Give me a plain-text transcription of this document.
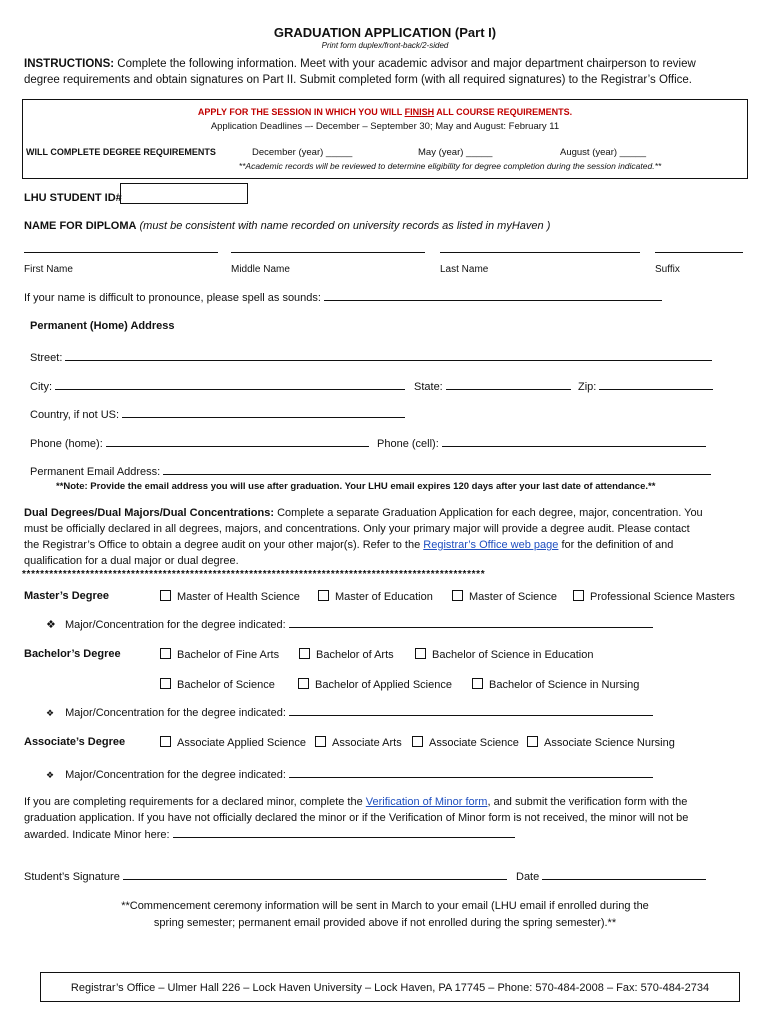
GRADUATION APPLICATION (Part I)
Print form duplex/front-back/2-sided
INSTRUCTIONS: Complete the following information. Meet with your academic advisor and major department chairperson to review
degree requirements and obtain signatures on Part II. Submit completed form (with all required signatures) to the Registrar’s Office.
APPLY FOR THE SESSION IN WHICH YOU WILL FINISH ALL COURSE REQUIREMENTS.
Application Deadlines –- December – September 30; May and August: February 11
WILL COMPLETE DEGREE REQUIREMENTS	December (year) _____	May (year) _____	August (year) _____
**Academic records will be reviewed to determine eligibility for degree completion during the session indicated.**
LHU STUDENT ID#
NAME FOR DIPLOMA (must be consistent with name recorded on university records as listed in myHaven )
First Name	Middle Name	Last Name	Suffix
If your name is difficult to pronounce, please spell as sounds:
Permanent (Home) Address
Street:
City:	State:	Zip:
Country, if not US:
Phone (home):	Phone (cell):
Permanent Email Address:
**Note: Provide the email address you will use after graduation. Your LHU email expires 120 days after your last date of attendance.**
Dual Degrees/Dual Majors/Dual Concentrations: Complete a separate Graduation Application for each degree, major, concentration. You
must be officially declared in all degrees, majors, and concentrations. Only your primary major will provide a degree audit. Please contact
the Registrar’s Office to obtain a degree audit on your other major(s). Refer to the Registrar’s Office web page for the definition of and
qualification for a dual major or dual degree.
******************************************************************************************************
Master’s Degree	Master of Health Science	Master of Education	Master of Science	Professional Science Masters
❖ Major/Concentration for the degree indicated:
Bachelor’s Degree	Bachelor of Fine Arts	Bachelor of Arts	Bachelor of Science in Education
Bachelor of Science	Bachelor of Applied Science	Bachelor of Science in Nursing
❖ Major/Concentration for the degree indicated:
Associate’s Degree	Associate Applied Science	Associate Arts	Associate Science	Associate Science Nursing
❖ Major/Concentration for the degree indicated:
If you are completing requirements for a declared minor, complete the Verification of Minor form, and submit the verification form with the
graduation application. If you have not officially declared the minor or if the Verification of Minor form is not received, the minor will not be
awarded. Indicate Minor here:
Student’s Signature	Date
**Commencement ceremony information will be sent in March to your email (LHU email if enrolled during the
spring semester; permanent email provided above if not enrolled during the spring semester).**
Registrar’s Office – Ulmer Hall 226 – Lock Haven University – Lock Haven, PA 17745 – Phone: 570-484-2008 – Fax: 570-484-2734
